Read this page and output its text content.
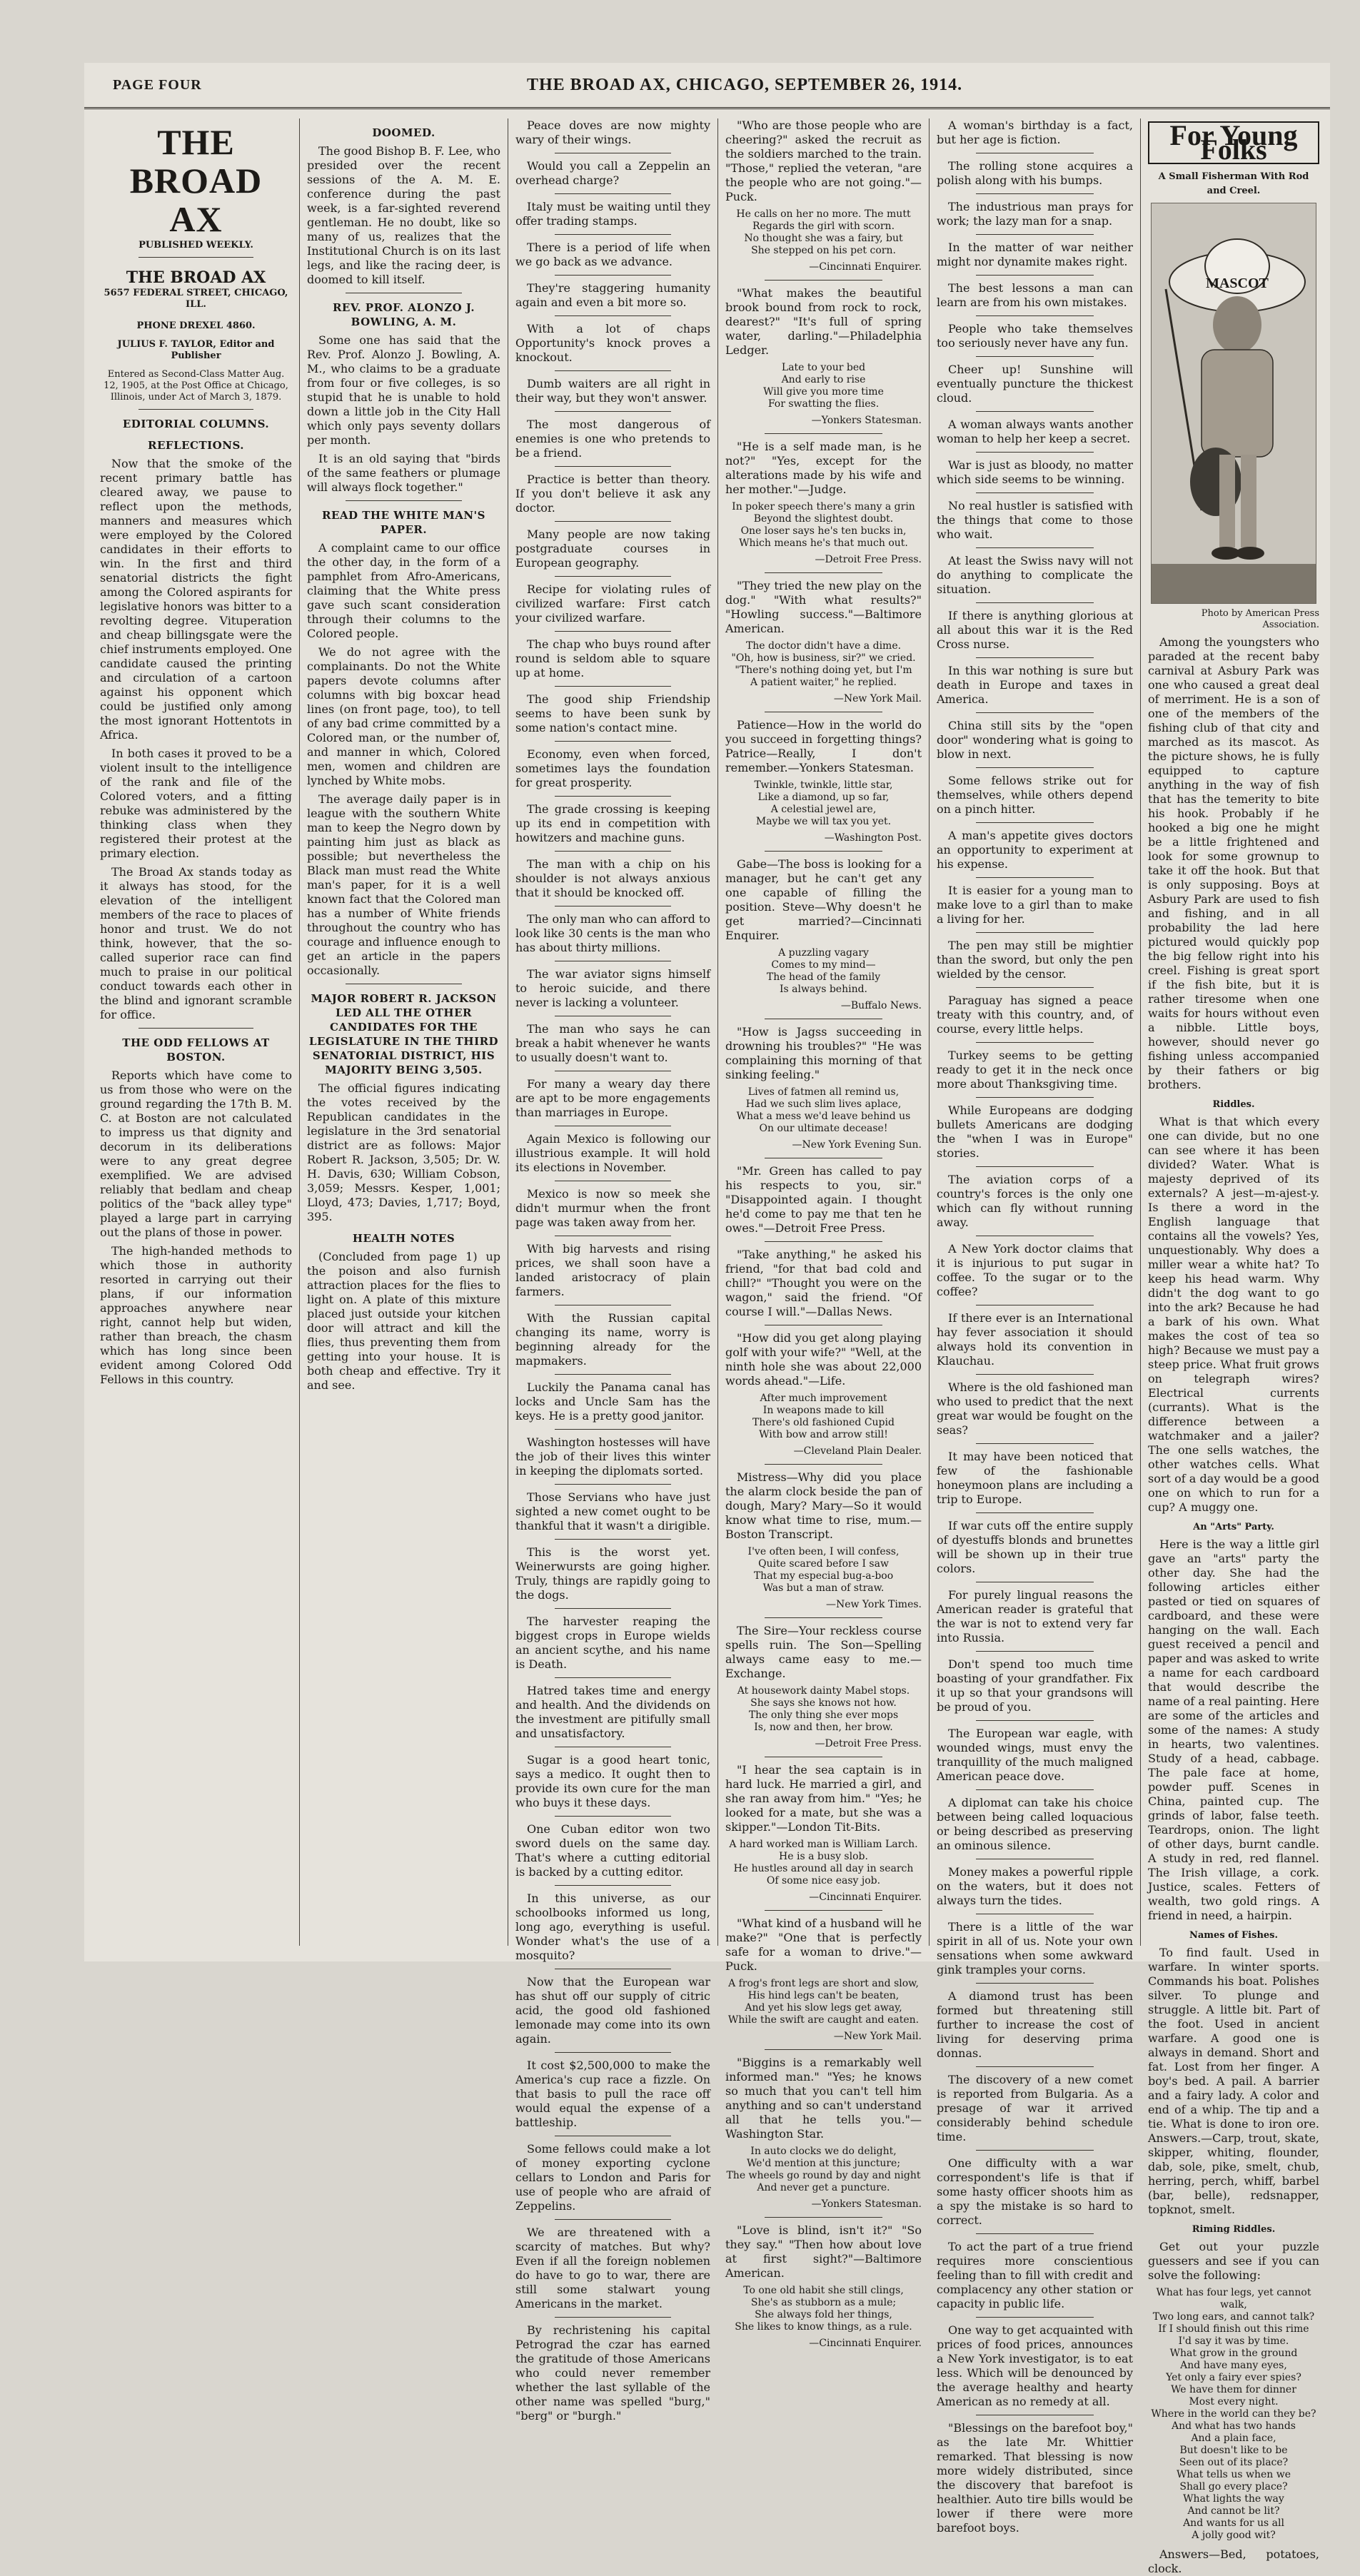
PAGE FOUR	THE BROAD AX, CHICAGO, SEPTEMBER 26, 1914.
THE BROAD AX

PUBLISHED WEEKLY.

THE BROAD AX

5657 FEDERAL STREET, CHICAGO, ILL.

PHONE DREXEL 4860.

JULIUS F. TAYLOR, Editor and Publisher

Entered as Second-Class Matter Aug. 12, 1905, at the Post Office at Chicago, Illinois, under Act of March 3, 1879.

EDITORIAL COLUMNS.
REFLECTIONS.

Now that the smoke of the recent primary battle has cleared away, we pause to reflect upon the methods, manners and measures which were employed by the Colored candidates in their efforts to win. In the first and third senatorial districts the fight among the Colored aspirants for legislative honors was bitter to a revolting degree. Vituperation and cheap billingsgate were the chief instruments employed. One candidate caused the printing and circulation of a cartoon against his opponent which could be justified only among the most ignorant Hottentots in Africa.

In both cases it proved to be a violent insult to the intelligence of the rank and file of the Colored voters, and a fitting rebuke was administered by the thinking class when they registered their protest at the primary election.

The Broad Ax stands today as it always has stood, for the elevation of the intelligent members of the race to places of honor and trust. We do not think, however, that the so-called superior race can find much to praise in our political conduct towards each other in the blind and ignorant scramble for office.

THE ODD FELLOWS AT BOSTON.

Reports which have come to us from those who were on the ground regarding the 17th B. M. C. at Boston are not calculated to impress us that dignity and decorum in its deliberations were to any great degree exemplified. We are advised reliably that bedlam and cheap politics of the "back alley type" played a large part in carrying out the plans of those in power.

The high-handed methods to which those in authority resorted in carrying out their plans, if our information approaches anywhere near right, cannot help but widen, rather than breach, the chasm which has long since been evident among Colored Odd Fellows in this country.

DOOMED.

The good Bishop B. F. Lee, who presided over the recent sessions of the A. M. E. conference during the past week, is a far-sighted reverend gentleman. He no doubt, like so many of us, realizes that the Institutional Church is on its last legs, and like the racing deer, is doomed to kill itself.

REV. PROF. ALONZO J. BOWLING, A. M.

Some one has said that the Rev. Prof. Alonzo J. Bowling, A. M., who claims to be a graduate from four or five colleges, is so stupid that he is unable to hold down a little job in the City Hall which only pays seventy dollars per month.

It is an old saying that "birds of the same feathers or plumage will always flock together."

READ THE WHITE MAN'S PAPER.

A complaint came to our office the other day, in the form of a pamphlet from Afro-Americans, claiming that the White press gave such scant consideration through their columns to the Colored people.

We do not agree with the complainants. Do not the White papers devote columns after columns with big boxcar head lines (on front page, too), to tell of any bad crime committed by a Colored man, or the number of, and manner in which, Colored men, women and children are lynched by White mobs.

The average daily paper is in league with the southern White man to keep the Negro down by painting him just as black as possible; but nevertheless the Black man must read the White man's paper, for it is a well known fact that the Colored man has a number of White friends throughout the country who has courage and influence enough to get an article in the papers occasionally.

MAJOR ROBERT R. JACKSON LED ALL THE OTHER CANDIDATES FOR THE LEGISLATURE IN THE THIRD SENATORIAL DISTRICT, HIS MAJORITY BEING 3,505.

The official figures indicating the votes received by the Republican candidates in the legislature in the 3rd senatorial district are as follows: Major Robert R. Jackson, 3,505; Dr. W. H. Davis, 630; William Cobson, 3,059; Messrs. Kesper, 1,001; Lloyd, 473; Davies, 1,717; Boyd, 395.

HEALTH NOTES

(Concluded from page 1) up the poison and also furnish attraction places for the flies to light on. A plate of this mixture placed just outside your kitchen door will attract and kill the flies, thus preventing them from getting into your house. It is both cheap and effective. Try it and see.

Peace doves are now mighty wary of their wings.

Would you call a Zeppelin an overhead charge?

Italy must be waiting until they offer trading stamps.

There is a period of life when we go back as we advance.

They're staggering humanity again and even a bit more so.

With a lot of chaps Opportunity's knock proves a knockout.

Dumb waiters are all right in their way, but they won't answer.

The most dangerous of enemies is one who pretends to be a friend.

Practice is better than theory. If you don't believe it ask any doctor.

Many people are now taking postgraduate courses in European geography.

Recipe for violating rules of civilized warfare: First catch your civilized warfare.

The chap who buys round after round is seldom able to square up at home.

The good ship Friendship seems to have been sunk by some nation's contact mine.

Economy, even when forced, sometimes lays the foundation for great prosperity.

The grade crossing is keeping up its end in competition with howitzers and machine guns.

The man with a chip on his shoulder is not always anxious that it should be knocked off.

The only man who can afford to look like 30 cents is the man who has about thirty millions.

The war aviator signs himself to heroic suicide, and there never is lacking a volunteer.

The man who says he can break a habit whenever he wants to usually doesn't want to.

For many a weary day there are apt to be more engagements than marriages in Europe.

Again Mexico is following our illustrious example. It will hold its elections in November.

Mexico is now so meek she didn't murmur when the front page was taken away from her.

With big harvests and rising prices, we shall soon have a landed aristocracy of plain farmers.

With the Russian capital changing its name, worry is beginning already for the mapmakers.

Luckily the Panama canal has locks and Uncle Sam has the keys. He is a pretty good janitor.

Washington hostesses will have the job of their lives this winter in keeping the diplomats sorted.

Those Servians who have just sighted a new comet ought to be thankful that it wasn't a dirigible.

This is the worst yet. Weinerwursts are going higher. Truly, things are rapidly going to the dogs.

The harvester reaping the biggest crops in Europe wields an ancient scythe, and his name is Death.

Hatred takes time and energy and health. And the dividends on the investment are pitifully small and unsatisfactory.

Sugar is a good heart tonic, says a medico. It ought then to provide its own cure for the man who buys it these days.

One Cuban editor won two sword duels on the same day. That's where a cutting editorial is backed by a cutting editor.

In this universe, as our schoolbooks informed us long, long ago, everything is useful. Wonder what's the use of a mosquito?

Now that the European war has shut off our supply of citric acid, the good old fashioned lemonade may come into its own again.

It cost $2,500,000 to make the America's cup race a fizzle. On that basis to pull the race off would equal the expense of a battleship.

Some fellows could make a lot of money exporting cyclone cellars to London and Paris for use of people who are afraid of Zeppelins.

We are threatened with a scarcity of matches. But why? Even if all the foreign noblemen do have to go to war, there are still some stalwart young Americans in the market.

By rechristening his capital Petrograd the czar has earned the gratitude of those Americans who could never remember whether the last syllable of the other name was spelled "burg," "berg" or "burgh."

"Who are those people who are cheering?" asked the recruit as the soldiers marched to the train. "Those," replied the veteran, "are the people who are not going."—Puck.

He calls on her no more. The mutt
Regards the girl with scorn.
No thought she was a fairy, but
She stepped on his pet corn.

—Cincinnati Enquirer.

"What makes the beautiful brook bound from rock to rock, dearest?" "It's full of spring water, darling."—Philadelphia Ledger.

Late to your bed
And early to rise
Will give you more time
For swatting the flies.

—Yonkers Statesman.

"He is a self made man, is he not?" "Yes, except for the alterations made by his wife and her mother."—Judge.

In poker speech there's many a grin
Beyond the slightest doubt.
One loser says he's ten bucks in,
Which means he's that much out.

—Detroit Free Press.

"They tried the new play on the dog." "With what results?" "Howling success."—Baltimore American.

The doctor didn't have a dime.
"Oh, how is business, sir?" we cried.
"There's nothing doing yet, but I'm
A patient waiter," he replied.

—New York Mail.

Patience—How in the world do you succeed in forgetting things? Patrice—Really, I don't remember.—Yonkers Statesman.

Twinkle, twinkle, little star,
Like a diamond, up so far,
A celestial jewel are,
Maybe we will tax you yet.

—Washington Post.

Gabe—The boss is looking for a manager, but he can't get any one capable of filling the position. Steve—Why doesn't he get married?—Cincinnati Enquirer.

A puzzling vagary
Comes to my mind—
The head of the family
Is always behind.

—Buffalo News.

"How is Jagss succeeding in drowning his troubles?" "He was complaining this morning of that sinking feeling."

Lives of fatmen all remind us,
Had we such slim lives aplace,
What a mess we'd leave behind us
On our ultimate decease!

—New York Evening Sun.

"Mr. Green has called to pay his respects to you, sir." "Disappointed again. I thought he'd come to pay me that ten he owes."—Detroit Free Press.

"Take anything," he asked his friend, "for that bad cold and chill?" "Thought you were on the wagon," said the friend. "Of course I will."—Dallas News.

"How did you get along playing golf with your wife?" "Well, at the ninth hole she was about 22,000 words ahead."—Life.

After much improvement
In weapons made to kill
There's old fashioned Cupid
With bow and arrow still!

—Cleveland Plain Dealer.

Mistress—Why did you place the alarm clock beside the pan of dough, Mary? Mary—So it would know what time to rise, mum.—Boston Transcript.

I've often been, I will confess,
Quite scared before I saw
That my especial bug-a-boo
Was but a man of straw.

—New York Times.

The Sire—Your reckless course spells ruin. The Son—Spelling always came easy to me.—Exchange.

At housework dainty Mabel stops.
She says she knows not how.
The only thing she ever mops
Is, now and then, her brow.

—Detroit Free Press.

"I hear the sea captain is in hard luck. He married a girl, and she ran away from him." "Yes; he looked for a mate, but she was a skipper."—London Tit-Bits.

A hard worked man is William Larch.
He is a busy slob.
He hustles around all day in search
Of some nice easy job.

—Cincinnati Enquirer.

"What kind of a husband will he make?" "One that is perfectly safe for a woman to drive."—Puck.

A frog's front legs are short and slow,
His hind legs can't be beaten,
And yet his slow legs get away,
While the swift are caught and eaten.

—New York Mail.

"Biggins is a remarkably well informed man." "Yes; he knows so much that you can't tell him anything and so can't understand all that he tells you."—Washington Star.

In auto clocks we do delight,
We'd mention at this juncture;
The wheels go round by day and night
And never get a puncture.

—Yonkers Statesman.

"Love is blind, isn't it?" "So they say." "Then how about love at first sight?"—Baltimore American.

To one old habit she still clings,
She's as stubborn as a mule;
She always fold her things,
She likes to know things, as a rule.

—Cincinnati Enquirer.

A woman's birthday is a fact, but her age is fiction.

The rolling stone acquires a polish along with his bumps.

The industrious man prays for work; the lazy man for a snap.

In the matter of war neither might nor dynamite makes right.

The best lessons a man can learn are from his own mistakes.

People who take themselves too seriously never have any fun.

Cheer up! Sunshine will eventually puncture the thickest cloud.

A woman always wants another woman to help her keep a secret.

War is just as bloody, no matter which side seems to be winning.

No real hustler is satisfied with the things that come to those who wait.

At least the Swiss navy will not do anything to complicate the situation.

If there is anything glorious at all about this war it is the Red Cross nurse.

In this war nothing is sure but death in Europe and taxes in America.

China still sits by the "open door" wondering what is going to blow in next.

Some fellows strike out for themselves, while others depend on a pinch hitter.

A man's appetite gives doctors an opportunity to experiment at his expense.

It is easier for a young man to make love to a girl than to make a living for her.

The pen may still be mightier than the sword, but only the pen wielded by the censor.

Paraguay has signed a peace treaty with this country, and, of course, every little helps.

Turkey seems to be getting ready to get it in the neck once more about Thanksgiving time.

While Europeans are dodging bullets Americans are dodging the "when I was in Europe" stories.

The aviation corps of a country's forces is the only one which can fly without running away.

A New York doctor claims that it is injurious to put sugar in coffee. To the sugar or to the coffee?

If there ever is an International hay fever association it should always hold its convention in Klauchau.

Where is the old fashioned man who used to predict that the next great war would be fought on the seas?

It may have been noticed that few of the fashionable honeymoon plans are including a trip to Europe.

If war cuts off the entire supply of dyestuffs blonds and brunettes will be shown up in their true colors.

For purely lingual reasons the American reader is grateful that the war is not to extend very far into Russia.

Don't spend too much time boasting of your grandfather. Fix it up so that your grandsons will be proud of you.

The European war eagle, with wounded wings, must envy the tranquillity of the much maligned American peace dove.

A diplomat can take his choice between being called loquacious or being described as preserving an ominous silence.

Money makes a powerful ripple on the waters, but it does not always turn the tides.

There is a little of the war spirit in all of us. Note your own sensations when some awkward gink tramples your corns.

A diamond trust has been formed but threatening still further to increase the cost of living for deserving prima donnas.

The discovery of a new comet is reported from Bulgaria. As a presage of war it arrived considerably behind schedule time.

One difficulty with a war correspondent's life is that if some hasty officer shoots him as a spy the mistake is so hard to correct.

To act the part of a true friend requires more conscientious feeling than to fill with credit and complacency any other station or capacity in public life.

One way to get acquainted with prices of food prices, announces a New York investigator, is to eat less. Which will be denounced by the average healthy and hearty American as no remedy at all.

"Blessings on the barefoot boy," as the late Mr. Whittier remarked. That blessing is now more widely distributed, since the discovery that barefoot is healthier. Auto tire bills would be lower if there were more barefoot boys.

For Young Folks
A Small Fisherman With Rod and Creel.
MASCOT

Photo by American Press Association.

Among the youngsters who paraded at the recent baby carnival at Asbury Park was one who caused a great deal of merriment. He is a son of one of the members of the fishing club of that city and marched as its mascot. As the picture shows, he is fully equipped to capture anything in the way of fish that has the temerity to bite his hook. Probably if he hooked a big one he might be a little frightened and look for some grownup to take it off the hook. But that is only supposing. Boys at Asbury Park are used to fish and fishing, and in all probability the lad here pictured would quickly pop the big fellow right into his creel. Fishing is great sport if the fish bite, but it is rather tiresome when one waits for hours without even a nibble. Little boys, however, should never go fishing unless accompanied by their fathers or big brothers.

Riddles.

What is that which every one can divide, but no one can see where it has been divided? Water. What is majesty deprived of its externals? A jest—m-ajest-y. Is there a word in the English language that contains all the vowels? Yes, unquestionably. Why does a miller wear a white hat? To keep his head warm. Why didn't the dog want to go into the ark? Because he had a bark of his own. What makes the cost of tea so high? Because we must pay a steep price. What fruit grows on telegraph wires? Electrical currents (currants). What is the difference between a watchmaker and a jailer? The one sells watches, the other watches cells. What sort of a day would be a good one on which to run for a cup? A muggy one.

An "Arts" Party.

Here is the way a little girl gave an "arts" party the other day. She had the following articles either pasted or tied on squares of cardboard, and these were hanging on the wall. Each guest received a pencil and paper and was asked to write a name for each cardboard that would describe the name of a real painting. Here are some of the articles and some of the names: A study in hearts, two valentines. Study of a head, cabbage. The pale face at home, powder puff. Scenes in China, painted cup. The grinds of labor, false teeth. Teardrops, onion. The light of other days, burnt candle. A study in red, red flannel. The Irish village, a cork. Justice, scales. Fetters of wealth, two gold rings. A friend in need, a hairpin.

Names of Fishes.

To find fault. Used in warfare. In winter sports. Commands his boat. Polishes silver. To plunge and struggle. A little bit. Part of the foot. Used in ancient warfare. A good one is always in demand. Short and fat. Lost from her finger. A boy's bed. A pail. A barrier and a fairy lady. A color and end of a whip. The tip and a tie. What is done to iron ore. Answers.—Carp, trout, skate, skipper, whiting, flounder, dab, sole, pike, smelt, chub, herring, perch, whiff, barbel (bar, belle), redsnapper, topknot, smelt.

Riming Riddles.

Get out your puzzle guessers and see if you can solve the following:

What has four legs, yet cannot walk,
Two long ears, and cannot talk?
If I should finish out this rime
I'd say it was by time.
What grow in the ground
And have many eyes,
Yet only a fairy ever spies?
We have them for dinner
Most every night.
Where in the world can they be?
And what has two hands
And a plain face,
But doesn't like to be
Seen out of its place?
What tells us when we
Shall go every place?
What lights the way
And cannot be lit?
And wants for us all
A jolly good wit?

Answers—Bed, potatoes, clock.
